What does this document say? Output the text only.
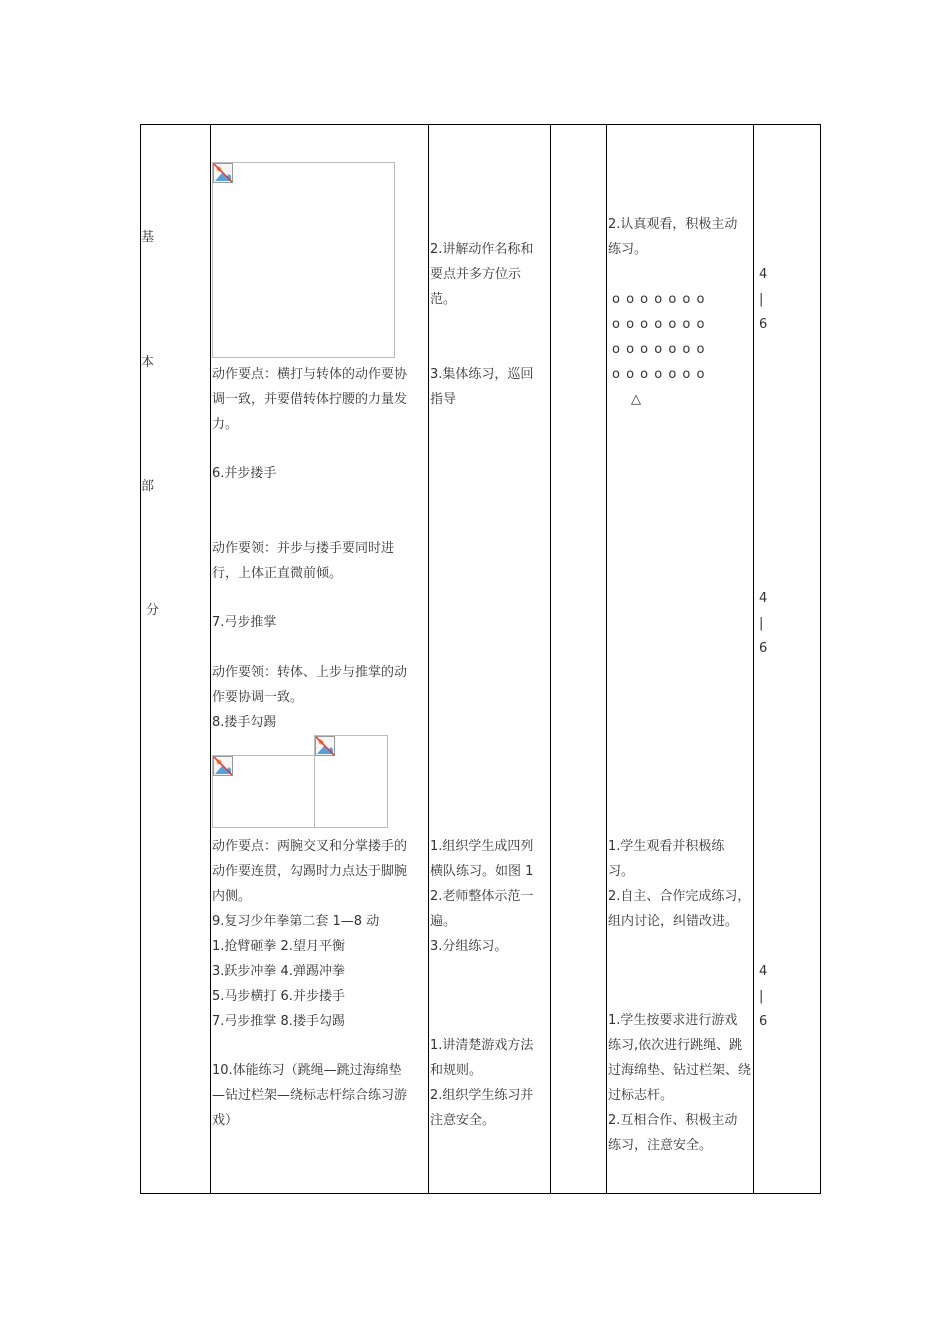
基
本
部
分
动作要点：横打与转体的动作要协
调一致，并要借转体拧腰的力量发
力。
6.并步搂手
动作要领：并步与搂手要同时进
行，上体正直微前倾。
7.弓步推掌
动作要领：转体、上步与推掌的动
作要协调一致。
8.搂手勾踢
动作要点：两腕交叉和分掌搂手的
动作要连贯，勾踢时力点达于脚腕
内侧。
9.复习少年拳第二套 1—8 动
1.抢臂砸拳 2.望月平衡
3.跃步冲拳 4.弹踢冲拳
5.马步横打 6.并步搂手
7.弓步推掌 8.搂手勾踢
10.体能练习（跳绳—跳过海绵垫
—钻过栏架—绕标志杆综合练习游
戏）
2.讲解动作名称和
要点并多方位示
范。
3.集体练习，巡回
指导
1.组织学生成四列
横队练习。如图 1
2.老师整体示范一
遍。
3.分组练习。
1.讲清楚游戏方法
和规则。
2.组织学生练习并
注意安全。
2.认真观看，积极主动
练习。
o o o o o o o
o o o o o o o
o o o o o o o
o o o o o o o
△
1.学生观看并积极练
习。
2.自主、合作完成练习，
组内讨论，纠错改进。
1.学生按要求进行游戏
练习,依次进行跳绳、跳
过海绵垫、钻过栏架、绕
过标志杆。
2.互相合作、积极主动
练习，注意安全。
4
|
6
4
|
6
4
|
6
